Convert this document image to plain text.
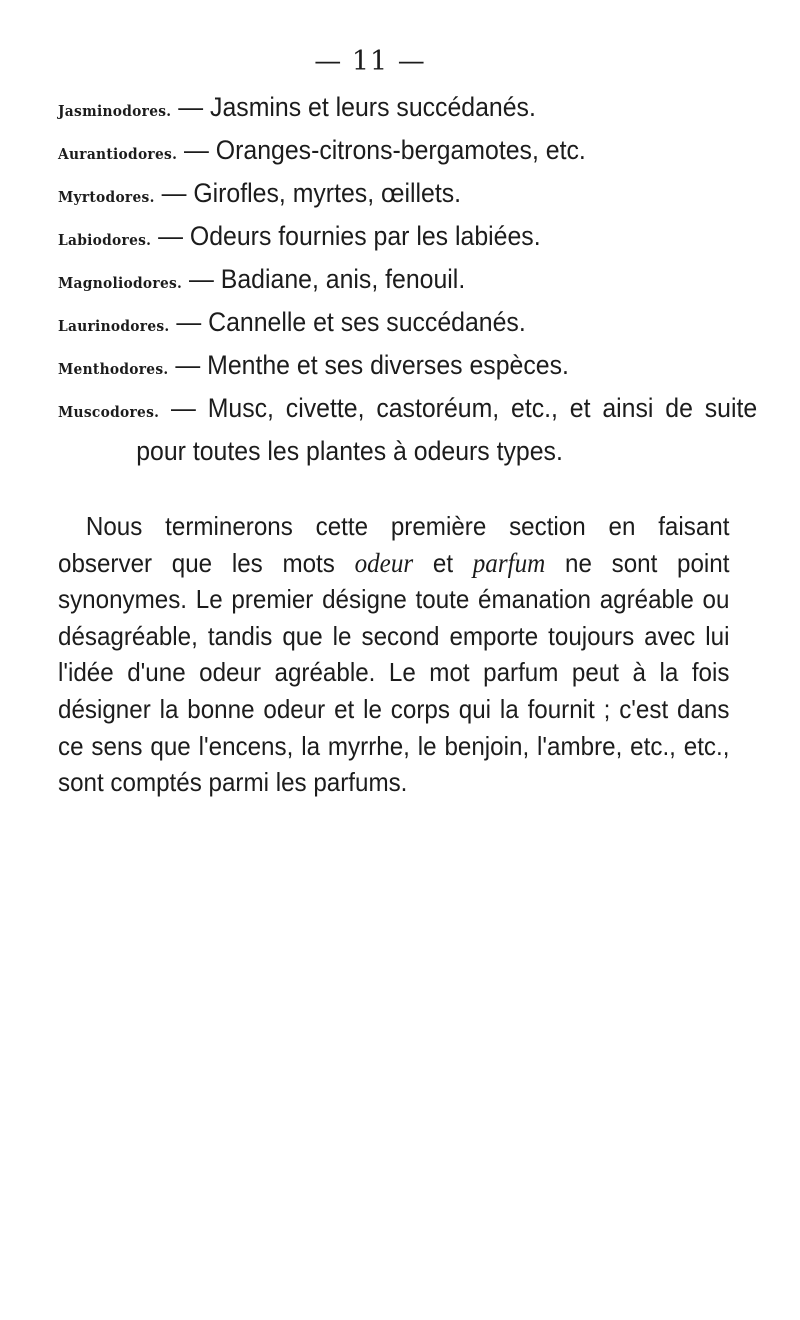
— 11 —
Jasminodores. — Jasmins et leurs succédanés.
Aurantiodores. — Oranges-citrons-bergamotes, etc.
Myrtodores. — Girofles, myrtes, œillets.
Labiodores. — Odeurs fournies par les labiées.
Magnoliodores. — Badiane, anis, fenouil.
Laurinodores. — Cannelle et ses succédanés.
Menthodores. — Menthe et ses diverses espèces.
Muscodores. — Musc, civette, castoréum, etc., et ainsi de suite pour toutes les plantes à odeurs types.

Nous terminerons cette première section en faisant observer que les mots odeur et parfum ne sont point synonymes. Le premier désigne toute émanation agréable ou désagréable, tandis que le second emporte toujours avec lui l'idée d'une odeur agréable. Le mot parfum peut à la fois désigner la bonne odeur et le corps qui la fournit ; c'est dans ce sens que l'encens, la myrrhe, le benjoin, l'ambre, etc., etc., sont comptés parmi les parfums.
